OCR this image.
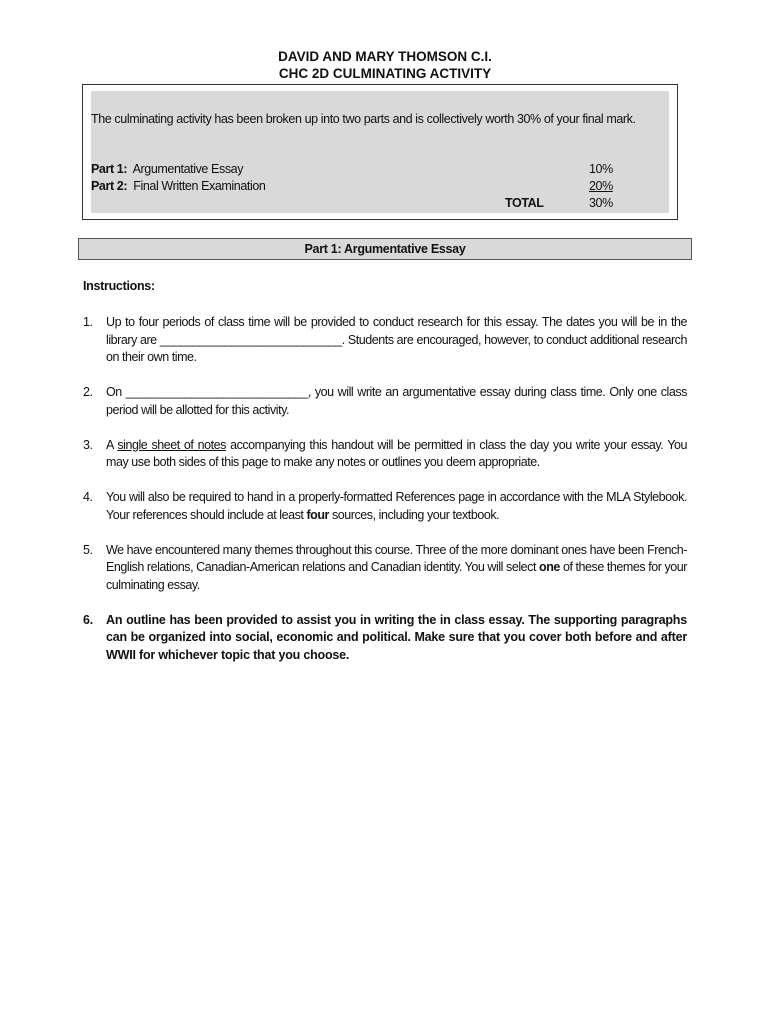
DAVID AND MARY THOMSON C.I.
CHC 2D CULMINATING ACTIVITY
The culminating activity has been broken up into two parts and is collectively worth 30% of your final mark.
Part 1: Argumentative Essay	10%
Part 2: Final Written Examination	20%
TOTAL	30%
Part 1: Argumentative Essay
Instructions:
1. Up to four periods of class time will be provided to conduct research for this essay. The dates you will be in the library are ____________________________. Students are encouraged, however, to conduct additional research on their own time.
2. On ____________________________, you will write an argumentative essay during class time. Only one class period will be allotted for this activity.
3. A single sheet of notes accompanying this handout will be permitted in class the day you write your essay. You may use both sides of this page to make any notes or outlines you deem appropriate.
4. You will also be required to hand in a properly-formatted References page in accordance with the MLA Stylebook. Your references should include at least four sources, including your textbook.
5. We have encountered many themes throughout this course. Three of the more dominant ones have been French-English relations, Canadian-American relations and Canadian identity. You will select one of these themes for your culminating essay.
6. An outline has been provided to assist you in writing the in class essay. The supporting paragraphs can be organized into social, economic and political. Make sure that you cover both before and after WWII for whichever topic that you choose.
